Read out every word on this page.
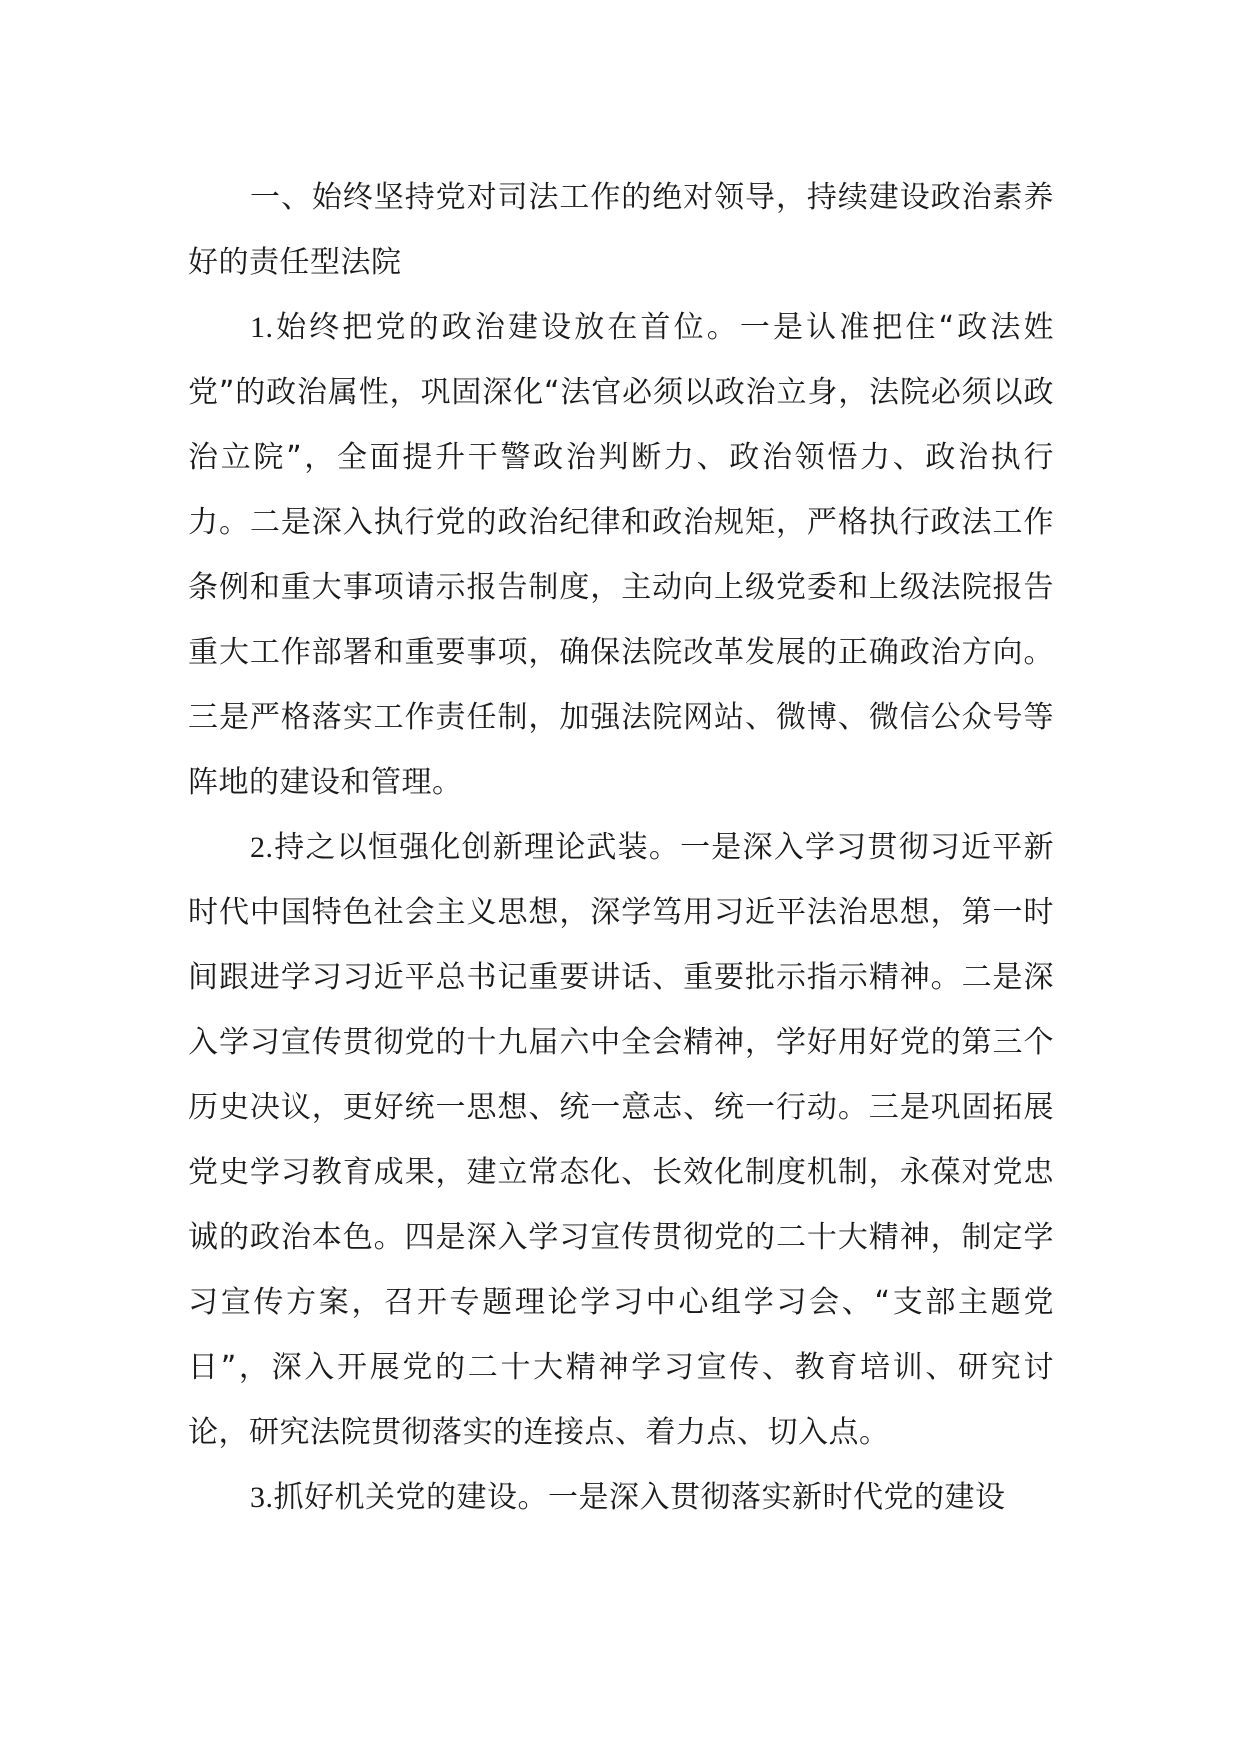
一、始终坚持党对司法工作的绝对领导，持续建设政治素养好的责任型法院

1.始终把党的政治建设放在首位。一是认准把住“政法姓党”的政治属性，巩固深化“法官必须以政治立身，法院必须以政治立院”，全面提升干警政治判断力、政治领悟力、政治执行力。二是深入执行党的政治纪律和政治规矩，严格执行政法工作条例和重大事项请示报告制度，主动向上级党委和上级法院报告重大工作部署和重要事项，确保法院改革发展的正确政治方向。三是严格落实工作责任制，加强法院网站、微博、微信公众号等阵地的建设和管理。

2.持之以恒强化创新理论武装。一是深入学习贯彻习近平新时代中国特色社会主义思想，深学笃用习近平法治思想，第一时间跟进学习习近平总书记重要讲话、重要批示指示精神。二是深入学习宣传贯彻党的十九届六中全会精神，学好用好党的第三个历史决议，更好统一思想、统一意志、统一行动。三是巩固拓展党史学习教育成果，建立常态化、长效化制度机制，永葆对党忠诚的政治本色。四是深入学习宣传贯彻党的二十大精神，制定学习宣传方案，召开专题理论学习中心组学习会、“支部主题党日”，深入开展党的二十大精神学习宣传、教育培训、研究讨论，研究法院贯彻落实的连接点、着力点、切入点。

3.抓好机关党的建设。一是深入贯彻落实新时代党的建设
